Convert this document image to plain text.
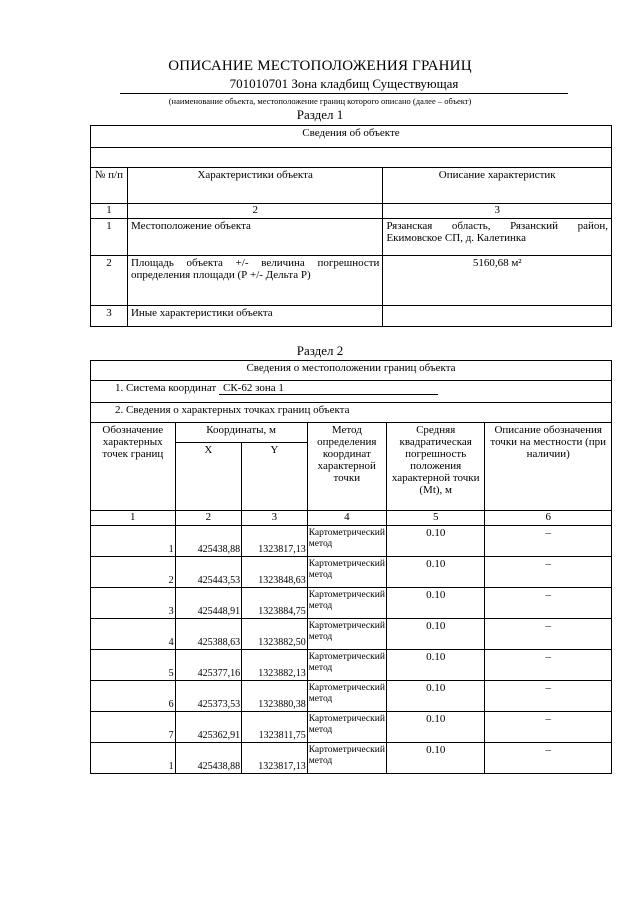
ОПИСАНИЕ МЕСТОПОЛОЖЕНИЯ ГРАНИЦ
701010701 Зона кладбищ Существующая
(наименование объекта, местоположение границ которого описано (далее – объект)
Раздел 1
Сведения об объекте		

№ п/п	Характеристики объекта	Описание характеристик
1	2	3
1	Местоположение объекта	Рязанская область, Рязанский район, Екимовское СП, д. Калетинка
2	Площадь объекта +/- величина погрешности определения площади (Р +/- Дельта Р)	5160,68 м²
3	Иные характеристики объекта	
Раздел 2
Сведения о местоположении границ объекта					
1. Система координат СК-62 зона 1					
2. Сведения о характерных точках границ объекта					
Обозначение характерных точек границ	Координаты, м		Метод определения координат характерной точки	Средняя квадратическая погрешность положения характерной точки (Mt), м	Описание обозначения точки на местности (при наличии)
	X	Y			
1	2	3	4	5	6
1	425438,88	1323817,13	Картометрический метод	0.10	–
2	425443,53	1323848,63	Картометрический метод	0.10	–
3	425448,91	1323884,75	Картометрический метод	0.10	–
4	425388,63	1323882,50	Картометрический метод	0.10	–
5	425377,16	1323882,13	Картометрический метод	0.10	–
6	425373,53	1323880,38	Картометрический метод	0.10	–
7	425362,91	1323811,75	Картометрический метод	0.10	–
1	425438,88	1323817,13	Картометрический метод	0.10	–
